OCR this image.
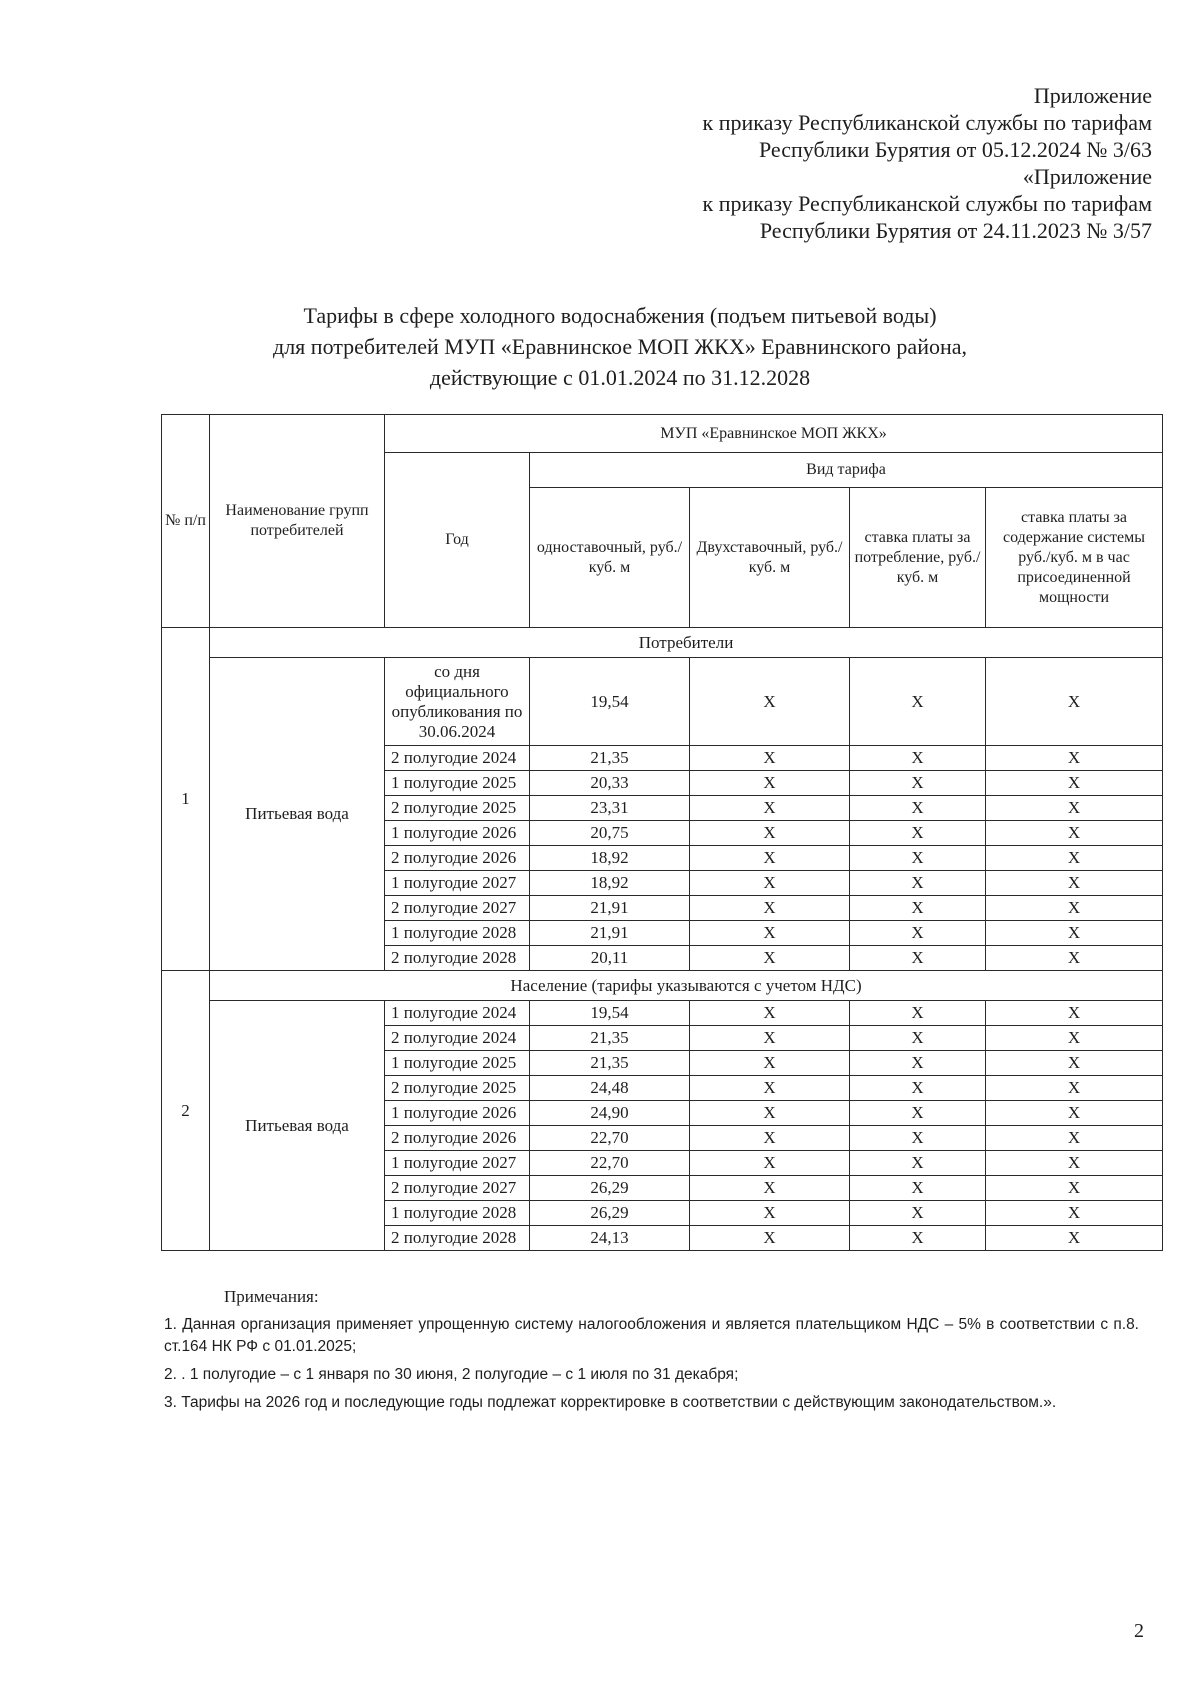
Приложение
к приказу Республиканской службы по тарифам
Республики Бурятия от 05.12.2024 № 3/63
«Приложение
к приказу Республиканской службы по тарифам
Республики Бурятия от 24.11.2023 № 3/57
Тарифы в сфере холодного водоснабжения (подъем питьевой воды)
для потребителей МУП «Еравнинское МОП ЖКХ» Еравнинского района,
действующие с 01.01.2024 по 31.12.2028
№ п/п	Наименование групп потребителей	МУП «Еравнинское МОП ЖКХ»				
		Год	Вид тарифа			
			одноставочный, руб./ куб. м	Двухставочный, руб./ куб. м	ставка платы за потребление, руб./ куб. м	ставка платы за содержание системы руб./куб. м в час присоединенной мощности
1	Потребители					
	Питьевая вода	со дня официального опубликования по 30.06.2024	19,54	X	X	X
		2 полугодие 2024	21,35	X	X	X
		1 полугодие 2025	20,33	X	X	X
		2 полугодие 2025	23,31	X	X	X
		1 полугодие 2026	20,75	X	X	X
		2 полугодие 2026	18,92	X	X	X
		1 полугодие 2027	18,92	X	X	X
		2 полугодие 2027	21,91	X	X	X
		1 полугодие 2028	21,91	X	X	X
		2 полугодие 2028	20,11	X	X	X
2	Население (тарифы указываются с учетом НДС)					
	Питьевая вода	1 полугодие 2024	19,54	X	X	X
		2 полугодие 2024	21,35	X	X	X
		1 полугодие 2025	21,35	X	X	X
		2 полугодие 2025	24,48	X	X	X
		1 полугодие 2026	24,90	X	X	X
		2 полугодие 2026	22,70	X	X	X
		1 полугодие 2027	22,70	X	X	X
		2 полугодие 2027	26,29	X	X	X
		1 полугодие 2028	26,29	X	X	X
		2 полугодие 2028	24,13	X	X	X
Примечания:

1. Данная организация применяет упрощенную систему налогообложения и является плательщиком НДС – 5% в соответствии с п.8. ст.164 НК РФ с 01.01.2025;

2. . 1 полугодие – с 1 января по 30 июня, 2 полугодие – с 1 июля по 31 декабря;

3. Тарифы на 2026 год и последующие годы подлежат корректировке в соответствии с действующим законодательством.».

2
